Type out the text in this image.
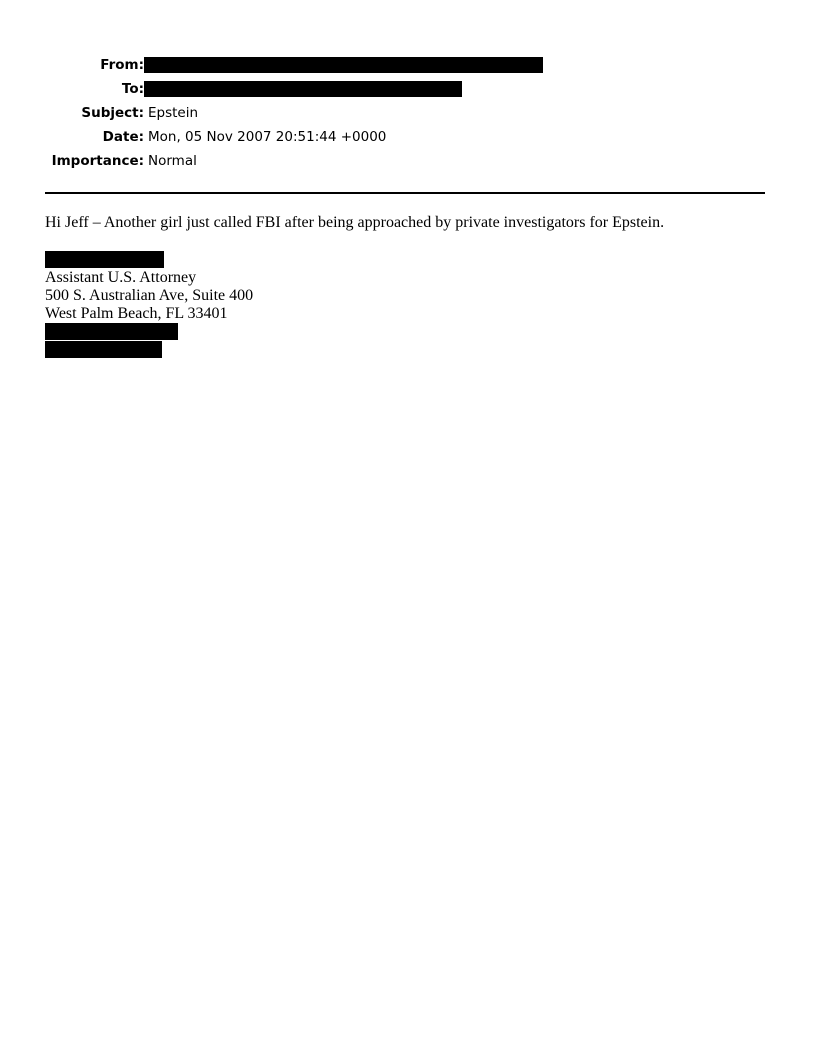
From:
To:
Subject: Epstein
Date: Mon, 05 Nov 2007 20:51:44 +0000
Importance: Normal
Hi Jeff – Another girl just called FBI after being approached by private investigators for Epstein.
Assistant U.S. Attorney
500 S. Australian Ave, Suite 400
West Palm Beach, FL 33401
